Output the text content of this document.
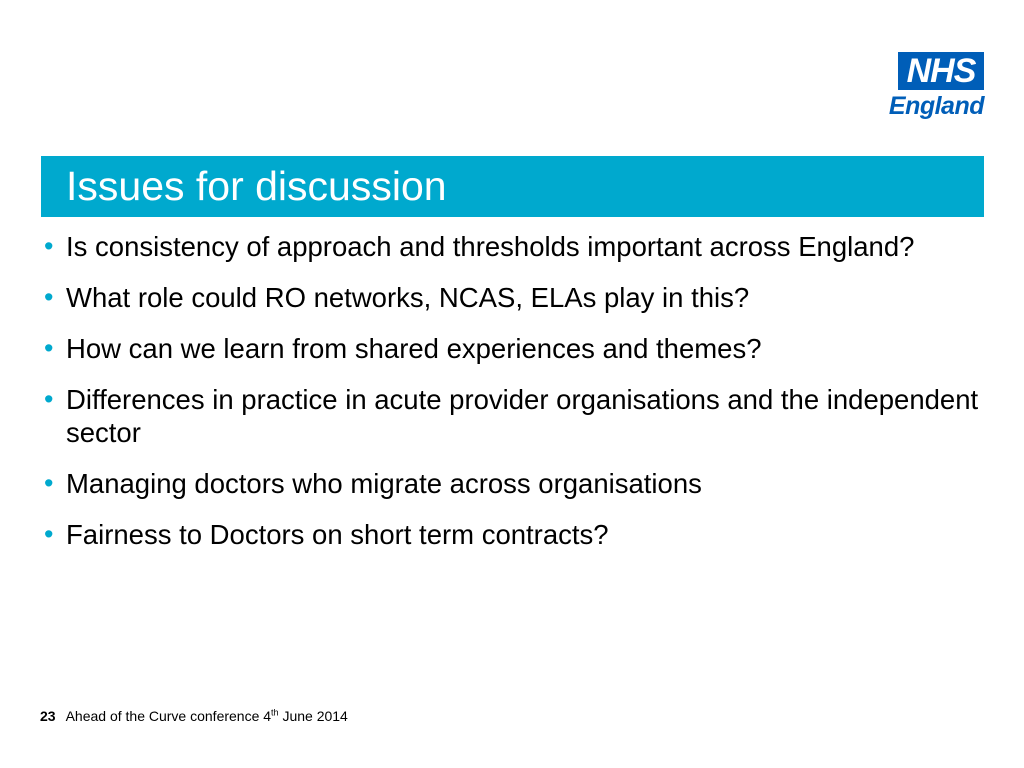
NHS
England
Issues for discussion
• Is consistency of approach and thresholds important across England?
• What role could RO networks, NCAS, ELAs play in this?
• How can we learn from shared experiences and themes?
• Differences in practice in acute provider organisations and the independent sector
• Managing doctors who migrate across organisations
• Fairness to Doctors on short term contracts?
23 Ahead of the Curve conference 4th June 2014
